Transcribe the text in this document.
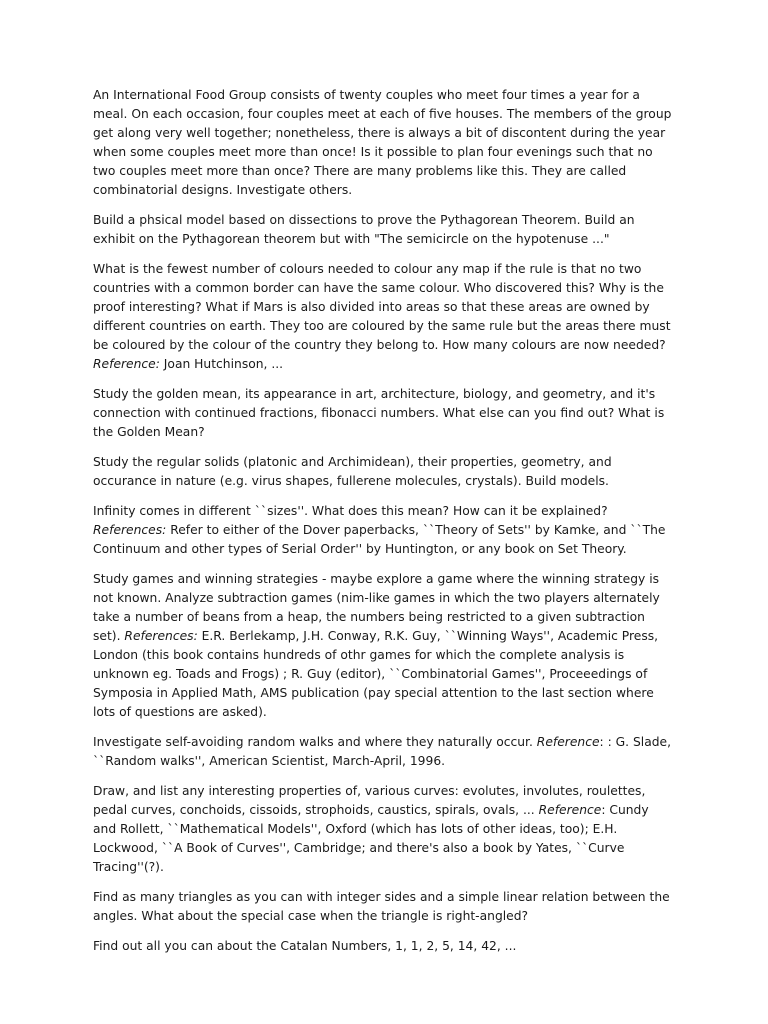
An International Food Group consists of twenty couples who meet four times a year for a meal. On each occasion, four couples meet at each of five houses. The members of the group get along very well together; nonetheless, there is always a bit of discontent during the year when some couples meet more than once! Is it possible to plan four evenings such that no two couples meet more than once? There are many problems like this. They are called combinatorial designs. Investigate others.

Build a phsical model based on dissections to prove the Pythagorean Theorem. Build an exhibit on the Pythagorean theorem but with "The semicircle on the hypotenuse ..."

What is the fewest number of colours needed to colour any map if the rule is that no two countries with a common border can have the same colour. Who discovered this? Why is the proof interesting? What if Mars is also divided into areas so that these areas are owned by different countries on earth. They too are coloured by the same rule but the areas there must be coloured by the colour of the country they belong to. How many colours are now needed? Reference: Joan Hutchinson, ...

Study the golden mean, its appearance in art, architecture, biology, and geometry, and it's connection with continued fractions, fibonacci numbers. What else can you find out? What is the Golden Mean?

Study the regular solids (platonic and Archimidean), their properties, geometry, and occurance in nature (e.g. virus shapes, fullerene molecules, crystals). Build models.

Infinity comes in different ``sizes''. What does this mean? How can it be explained? References: Refer to either of the Dover paperbacks, ``Theory of Sets'' by Kamke, and ``The Continuum and other types of Serial Order'' by Huntington, or any book on Set Theory.

Study games and winning strategies - maybe explore a game where the winning strategy is not known. Analyze subtraction games (nim-like games in which the two players alternately take a number of beans from a heap, the numbers being restricted to a given subtraction set). References: E.R. Berlekamp, J.H. Conway, R.K. Guy, ``Winning Ways'', Academic Press, London (this book contains hundreds of othr games for which the complete analysis is unknown eg. Toads and Frogs) ; R. Guy (editor), ``Combinatorial Games'', Proceeedings of Symposia in Applied Math, AMS publication (pay special attention to the last section where lots of questions are asked).

Investigate self-avoiding random walks and where they naturally occur. Reference: : G. Slade, ``Random walks'', American Scientist, March-April, 1996.

Draw, and list any interesting properties of, various curves: evolutes, involutes, roulettes, pedal curves, conchoids, cissoids, strophoids, caustics, spirals, ovals, ... Reference: Cundy and Rollett, ``Mathematical Models'', Oxford (which has lots of other ideas, too); E.H. Lockwood, ``A Book of Curves'', Cambridge; and there's also a book by Yates, ``Curve Tracing''(?).

Find as many triangles as you can with integer sides and a simple linear relation between the angles. What about the special case when the triangle is right-angled?

Find out all you can about the Catalan Numbers, 1, 1, 2, 5, 14, 42, ...
